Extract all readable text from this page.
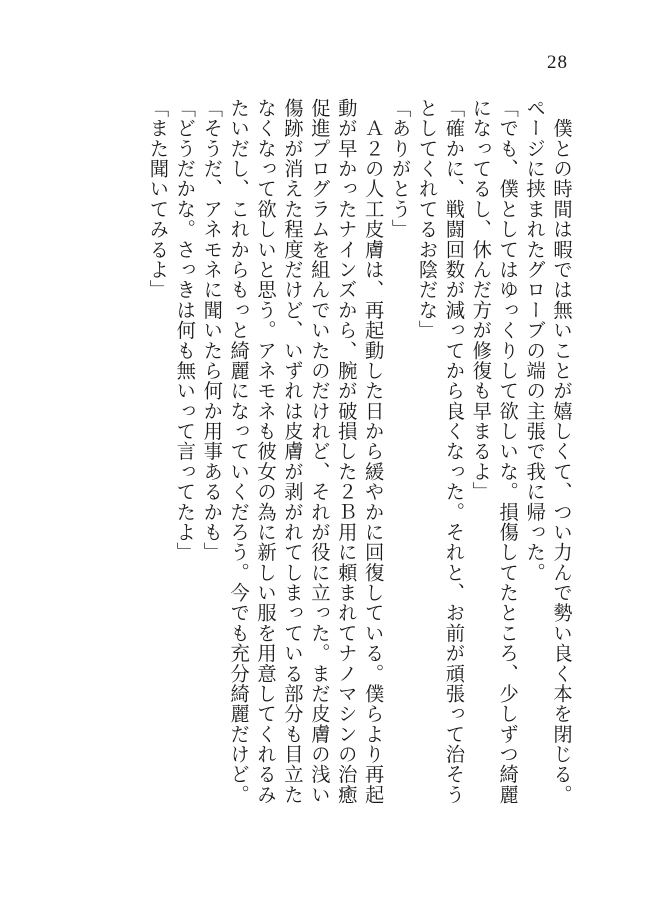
28

　僕との時間は暇では無いことが嬉しくて、つい力んで勢い良く本を閉じる。ページに挟まれたグローブの端の主張で我に帰った。

「でも、僕としてはゆっくりして欲しいな。損傷してたところ、少しずつ綺麗になってるし、休んだ方が修復も早まるよ」

「確かに、戦闘回数が減ってから良くなった。それと、お前が頑張って治そうとしてくれてるお陰だな」

「ありがとう」

　Ａ２の人工皮膚は、再起動した日から緩やかに回復している。僕らより再起動が早かったナインズから、腕が破損した２Ｂ用に頼まれてナノマシンの治癒促進プログラムを組んでいたのだけれど、それが役に立った。まだ皮膚の浅い傷跡が消えた程度だけど、いずれは皮膚が剥がれてしまっている部分も目立たなくなって欲しいと思う。アネモネも彼女の為に新しい服を用意してくれるみたいだし、これからもっと綺麗になっていくだろう。今でも充分綺麗だけど。

「そうだ、アネモネに聞いたら何か用事あるかも」

「どうだかな。さっきは何も無いって言ってたよ」

「また聞いてみるよ」
